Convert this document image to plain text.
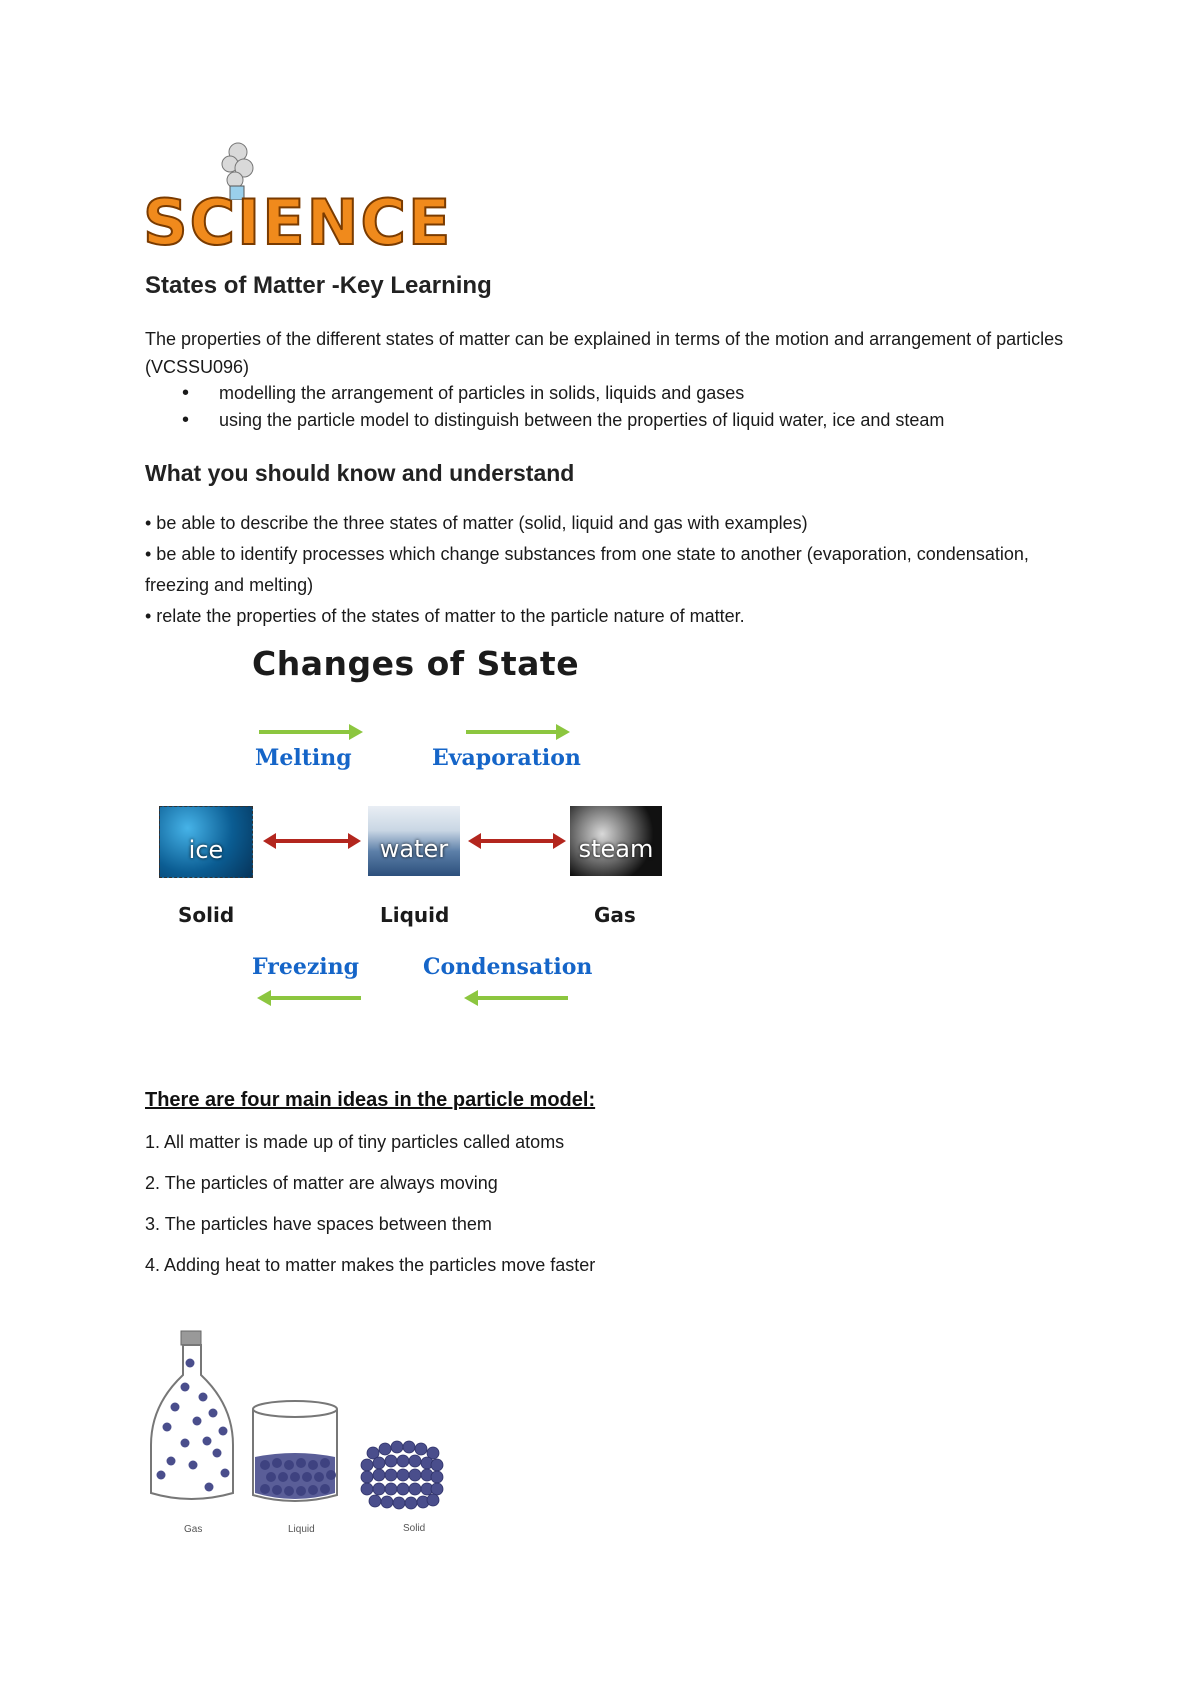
SCIENCE
States of Matter -Key Learning
The properties of the different states of matter can be explained in terms of the motion and arrangement of particles (VCSSU096)
• modelling the arrangement of particles in solids, liquids and gases
• using the particle model to distinguish between the properties of liquid water, ice and steam
What you should know and understand
• be able to describe the three states of matter (solid, liquid and gas with examples)
• be able to identify processes which change substances from one state to another (evaporation, condensation, freezing and melting)
• relate the properties of the states of matter to the particle nature of matter.
Changes of State
Melting	Evaporation
ice	water	steam
Solid	Liquid	Gas
Freezing	Condensation
There are four main ideas in the particle model:
1. All matter is made up of tiny particles called atoms
2. The particles of matter are always moving
3. The particles have spaces between them
4. Adding heat to matter makes the particles move faster
Gas	Liquid	Solid
